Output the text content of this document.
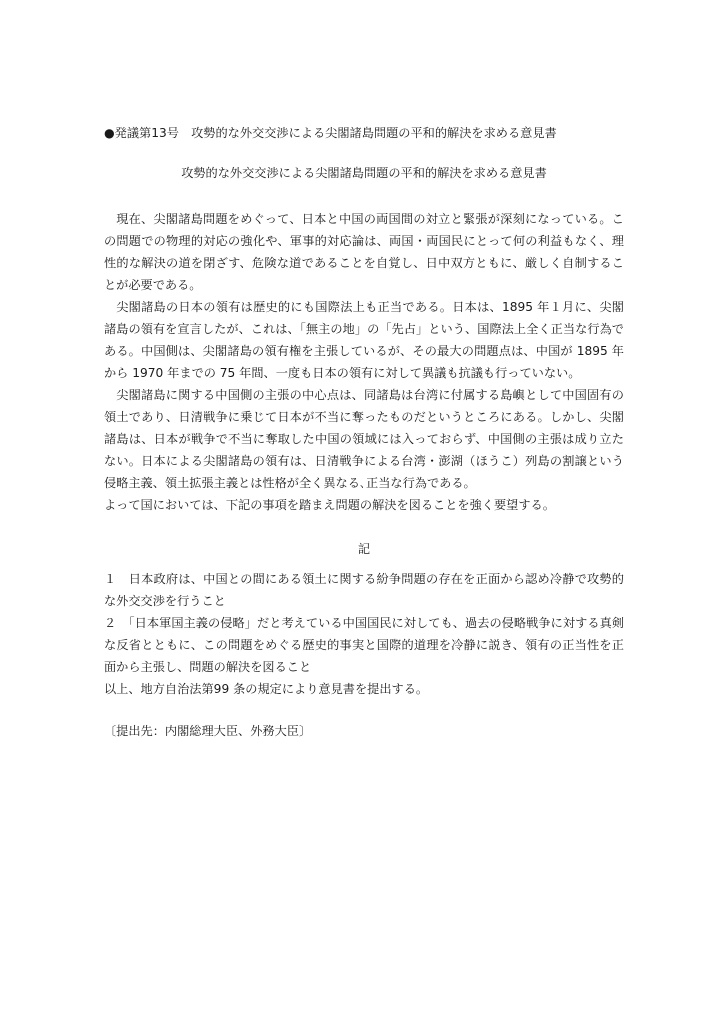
●発議第13号　攻勢的な外交交渉による尖閣諸島問題の平和的解決を求める意見書

攻勢的な外交交渉による尖閣諸島問題の平和的解決を求める意見書

現在、尖閣諸島問題をめぐって、日本と中国の両国間の対立と緊張が深刻になっている。この問題での物理的対応の強化や、軍事的対応論は、両国・両国民にとって何の利益もなく、理性的な解決の道を閉ざす、危険な道であることを自覚し、日中双方ともに、厳しく自制することが必要である。

尖閣諸島の日本の領有は歴史的にも国際法上も正当である。日本は、1895 年１月に、尖閣諸島の領有を宣言したが、これは、「無主の地」の「先占」という、国際法上全く正当な行為である。中国側は、尖閣諸島の領有権を主張しているが、その最大の問題点は、中国が 1895 年から 1970 年までの 75 年間、一度も日本の領有に対して異議も抗議も行っていない。

尖閣諸島に関する中国側の主張の中心点は、同諸島は台湾に付属する島嶼として中国固有の領土であり、日清戦争に乗じて日本が不当に奪ったものだというところにある。しかし、尖閣諸島は、日本が戦争で不当に奪取した中国の領域には入っておらず、中国側の主張は成り立たない。日本による尖閣諸島の領有は、日清戦争による台湾・澎湖（ほうこ）列島の割譲という侵略主義、領土拡張主義とは性格が全く異なる､正当な行為である。

よって国においては、下記の事項を踏まえ問題の解決を図ることを強く要望する。

記

１　日本政府は、中国との間にある領土に関する紛争問題の存在を正面から認め冷静で攻勢的な外交交渉を行うこと

２　「日本軍国主義の侵略」だと考えている中国国民に対しても、過去の侵略戦争に対する真剣な反省とともに、この問題をめぐる歴史的事実と国際的道理を冷静に説き、領有の正当性を正面から主張し、問題の解決を図ること

以上、地方自治法第99 条の規定により意見書を提出する。

〔提出先：内閣総理大臣、外務大臣〕
